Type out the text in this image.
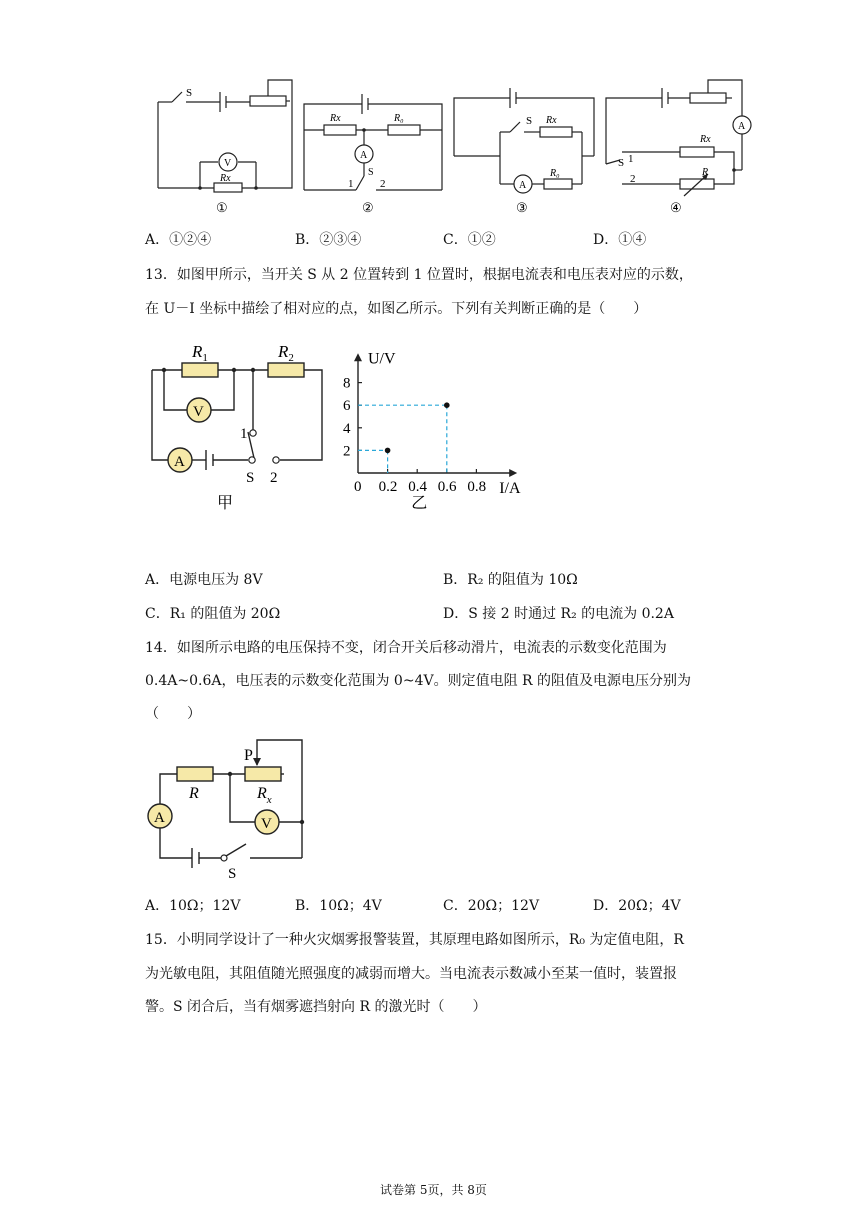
S
V
Rx
①
Rx	R₀
A
S
1 2
②
S Rx
R₀
A
③
A
S 1
2
Rx
R
④
A．①②④	B．②③④	C．①②	D．①④
13．如图甲所示，当开关 S 从 2 位置转到 1 位置时，根据电流表和电压表对应的示数，
在 U－I 坐标中描绘了相对应的点，如图乙所示。下列有关判断正确的是（　　）
$R_1$	$R_2$
V
A
1
S 2
甲
0 0.2 0.4 0.6 0.8
2
4
6
8
I/A
U/V
乙
A．电源电压为 8V	B．R₂ 的阻值为 10Ω
C．R₁ 的阻值为 20Ω	D．S 接 2 时通过 R₂ 的电流为 0.2A
14．如图所示电路的电压保持不变，闭合开关后移动滑片，电流表的示数变化范围为
0.4A~0.6A，电压表的示数变化范围为 0~4V。则定值电阻 R 的阻值及电源电压分别为
（　　）
P
R	$R_x$
V
A
S
A．10Ω；12V	B．10Ω；4V	C．20Ω；12V	D．20Ω；4V
15．小明同学设计了一种火灾烟雾报警装置，其原理电路如图所示，R₀ 为定值电阻，R
为光敏电阻，其阻值随光照强度的减弱而增大。当电流表示数减小至某一值时，装置报
警。S 闭合后，当有烟雾遮挡射向 R 的激光时（　　）
试卷第 5页，共 8页
